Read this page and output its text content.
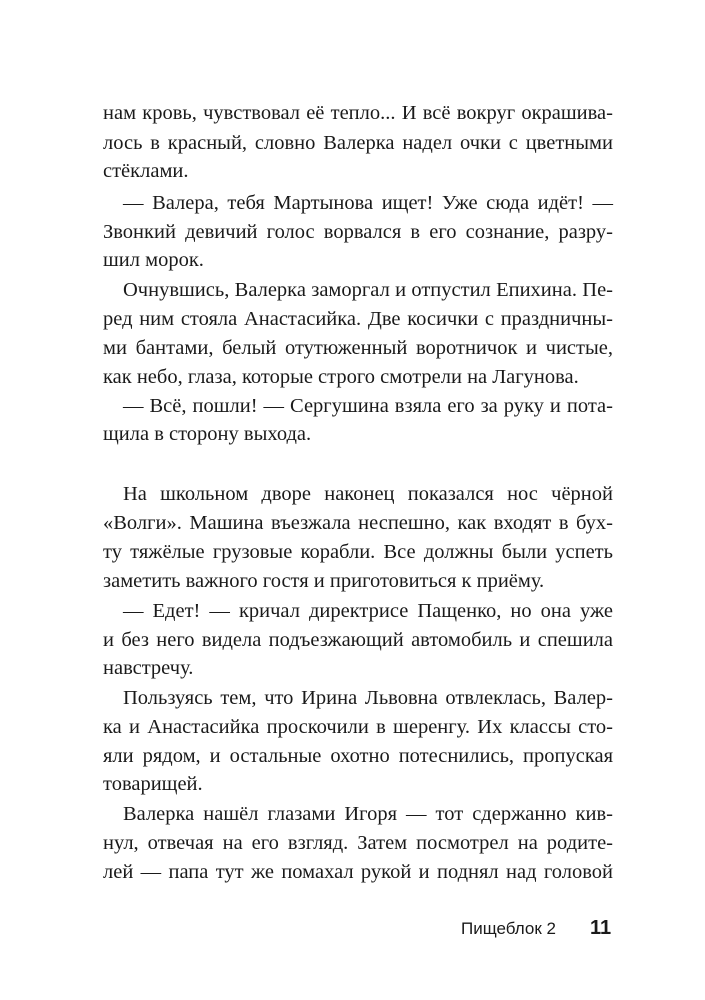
нам кровь, чувствовал её тепло... И всё вокруг окрашива-
лось в красный, словно Валерка надел очки с цветными
стёклами.
— Валера, тебя Мартынова ищет! Уже сюда идёт! —
Звонкий девичий голос ворвался в его сознание, разру-
шил морок.
Очнувшись, Валерка заморгал и отпустил Епихина. Пе-
ред ним стояла Анастасийка. Две косички с праздничны-
ми бантами, белый отутюженный воротничок и чистые,
как небо, глаза, которые строго смотрели на Лагунова.
— Всё, пошли! — Сергушина взяла его за руку и пота-
щила в сторону выхода.
На школьном дворе наконец показался нос чёрной
«Волги». Машина въезжала неспешно, как входят в бух-
ту тяжёлые грузовые корабли. Все должны были успеть
заметить важного гостя и приготовиться к приёму.
— Едет! — кричал директрисе Пащенко, но она уже
и без него видела подъезжающий автомобиль и спешила
навстречу.
Пользуясь тем, что Ирина Львовна отвлеклась, Валер-
ка и Анастасийка проскочили в шеренгу. Их классы сто-
яли рядом, и остальные охотно потеснились, пропуская
товарищей.
Валерка нашёл глазами Игоря — тот сдержанно кив-
нул, отвечая на его взгляд. Затем посмотрел на родите-
лей — папа тут же помахал рукой и поднял над головой
Пищеблок 2 11
